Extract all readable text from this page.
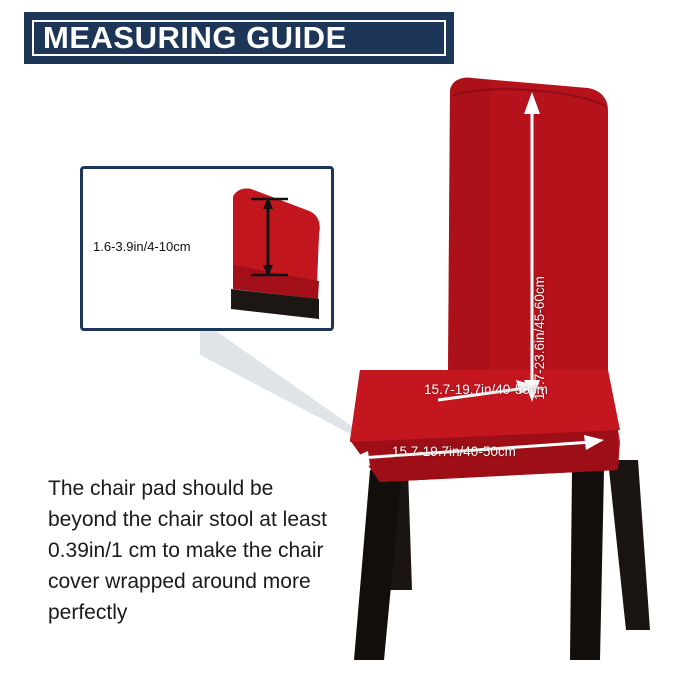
MEASURING GUIDE
1.6-3.9in/4-10cm
The chair pad should be beyond the chair stool at least 0.39in/1 cm to make the chair cover wrapped around more perfectly
17.7-23.6in/45-60cm
15.7-19.7in/40-50cm
15.7-19.7in/40-50cm
